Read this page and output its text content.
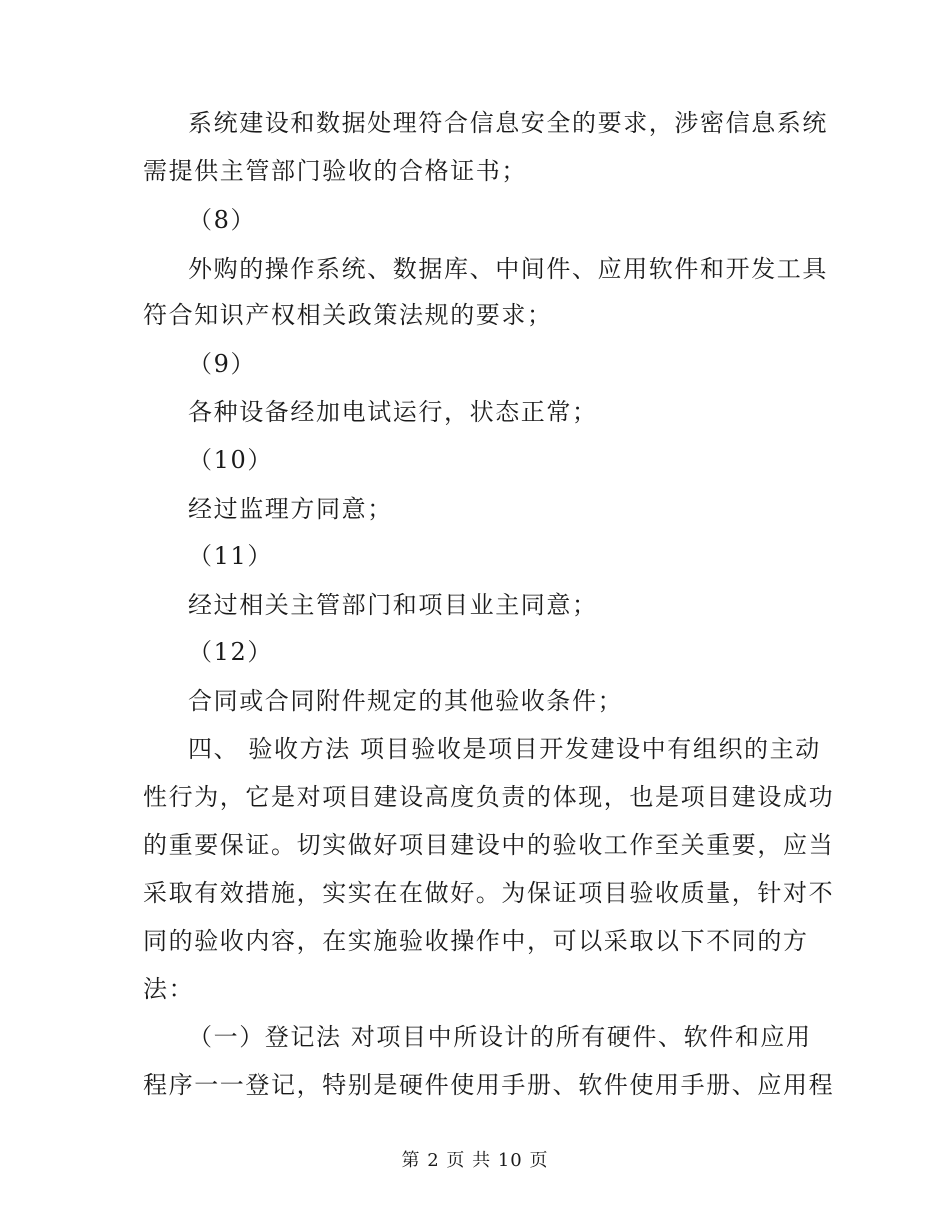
系统建设和数据处理符合信息安全的要求，涉密信息系统
需提供主管部门验收的合格证书；
（8）
外购的操作系统、数据库、中间件、应用软件和开发工具
符合知识产权相关政策法规的要求；
（9）
各种设备经加电试运行，状态正常；
（10）
经过监理方同意；
（11）
经过相关主管部门和项目业主同意；
（12）
合同或合同附件规定的其他验收条件；
四、 验收方法 项目验收是项目开发建设中有组织的主动
性行为，它是对项目建设高度负责的体现，也是项目建设成功
的重要保证。切实做好项目建设中的验收工作至关重要，应当
采取有效措施，实实在在做好。为保证项目验收质量，针对不
同的验收内容，在实施验收操作中，可以采取以下不同的方
法：
（一）登记法 对项目中所设计的所有硬件、软件和应用
程序一一登记，特别是硬件使用手册、软件使用手册、应用程
第 2 页 共 10 页
